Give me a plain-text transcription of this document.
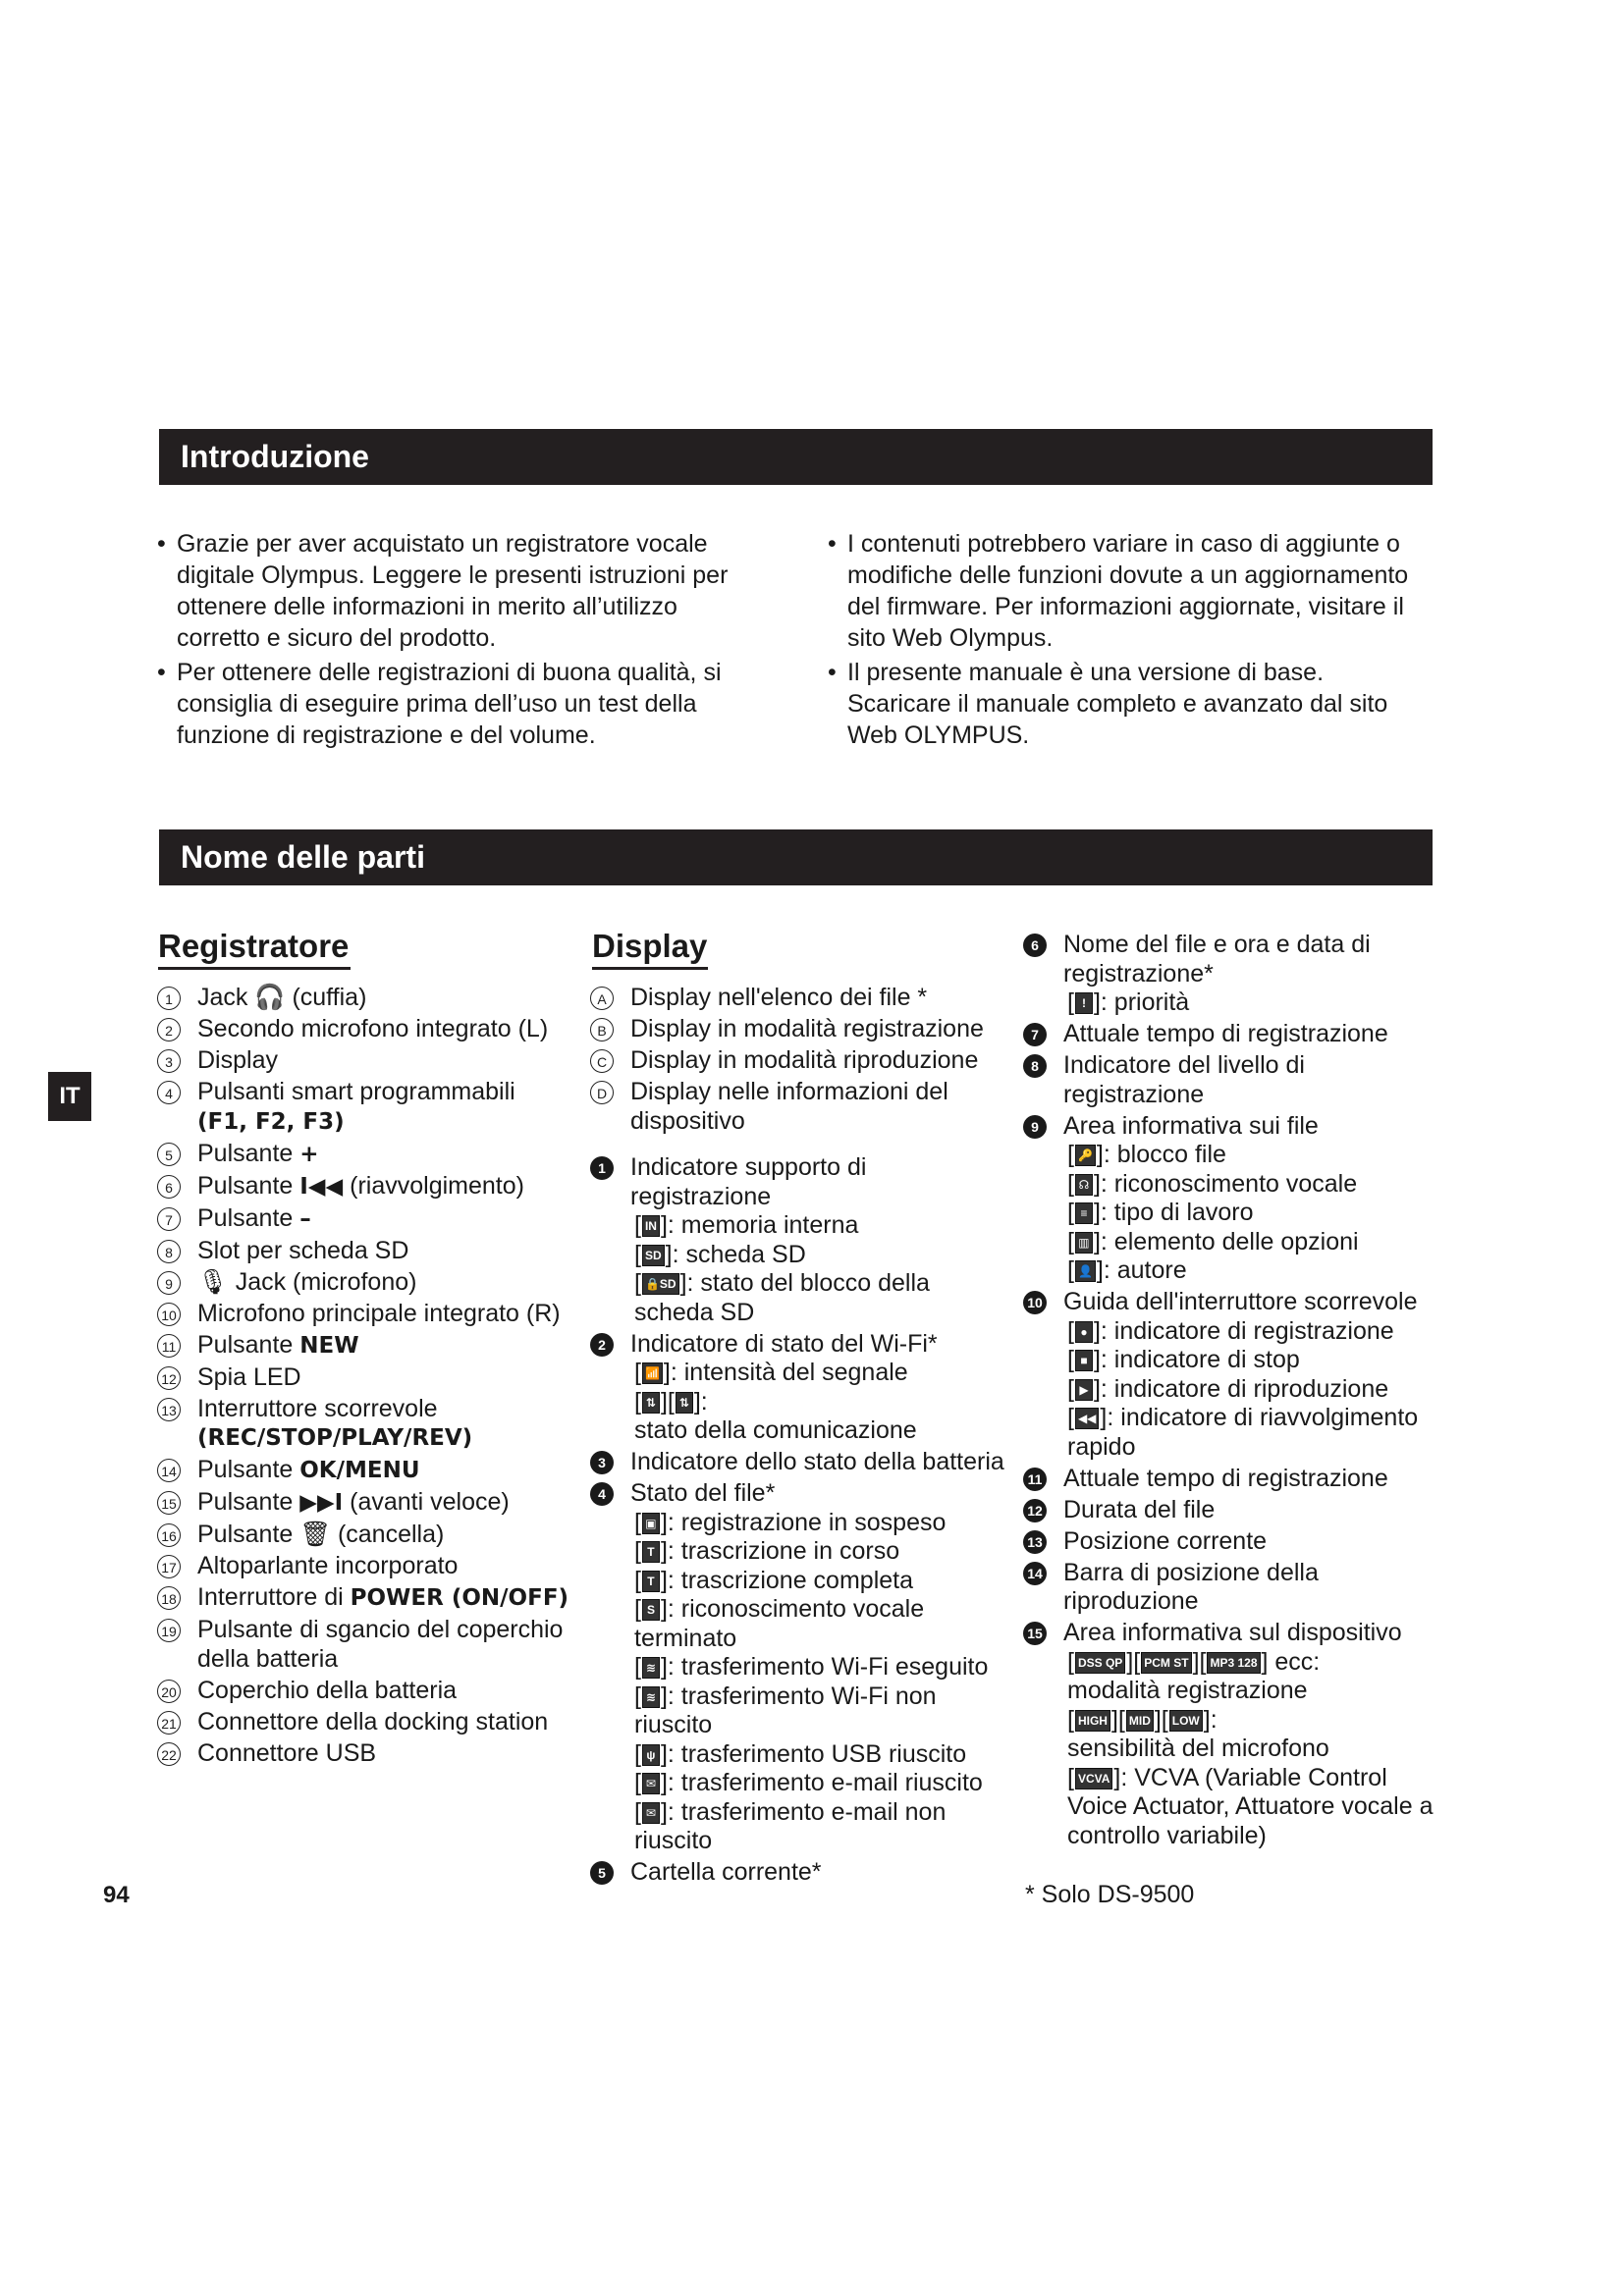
Introduzione
• Grazie per aver acquistato un registratore vocale digitale Olympus. Leggere le presenti istruzioni per ottenere delle informazioni in merito all’utilizzo corretto e sicuro del prodotto.
• Per ottenere delle registrazioni di buona qualità, si consiglia di eseguire prima dell’uso un test della funzione di registrazione e del volume.
• I contenuti potrebbero variare in caso di aggiunte o modifiche delle funzioni dovute a un aggiornamento del firmware. Per informazioni aggiornate, visitare il sito Web Olympus.
• Il presente manuale è una versione di base. Scaricare il manuale completo e avanzato dal sito Web OLYMPUS.
Nome delle parti
IT
Registratore
1	Jack 🎧 (cuffia)
2	Secondo microfono integrato (L)
3	Display
4	Pulsanti smart programmabili
(F1, F2, F3)
5	Pulsante +
6	Pulsante I◀◀ (riavvolgimento)
7	Pulsante –
8	Slot per scheda SD
9	🎙 Jack (microfono)
10 Microfono principale integrato (R)
11 Pulsante NEW
12 Spia LED
13 Interruttore scorrevole
(REC/STOP/PLAY/REV)
14 Pulsante OK/MENU
15 Pulsante ▶▶I (avanti veloce)
16 Pulsante 🗑 (cancella)
17 Altoparlante incorporato
18 Interruttore di POWER (ON/OFF)
19 Pulsante di sgancio del coperchio della batteria
20 Coperchio della batteria
21 Connettore della docking station
22 Connettore USB
Display
A Display nell'elenco dei file *
B Display in modalità registrazione
C Display in modalità riproduzione
D Display nelle informazioni del dispositivo
1	Indicatore supporto di registrazione
[ IN ]: memoria interna
[ SD ]: scheda SD
[ 🔒SD ]: stato del blocco della scheda SD
2	Indicatore di stato del Wi-Fi*
[ 📶 ]: intensità del segnale
[ ⇅ ][ ⇅ ]:
stato della comunicazione
3	Indicatore dello stato della batteria
4	Stato del file*
[ ▣ ]: registrazione in sospeso
[ T ]: trascrizione in corso
[ T ]: trascrizione completa
[ S ]: riconoscimento vocale terminato
[ ≋ ]: trasferimento Wi-Fi eseguito
[ ≋ ]: trasferimento Wi-Fi non riuscito
[ ψ ]: trasferimento USB riuscito
[ ✉ ]: trasferimento e-mail riuscito
[ ✉ ]: trasferimento e-mail non riuscito
5	Cartella corrente*
6	Nome del file e ora e data di registrazione*
[ ! ]: priorità
7	Attuale tempo di registrazione
8	Indicatore del livello di registrazione
9	Area informativa sui file
[ 🔑 ]: blocco file
[ ☊ ]: riconoscimento vocale
[ ≡ ]: tipo di lavoro
[ ▥ ]: elemento delle opzioni
[ 👤 ]: autore
10 Guida dell'interruttore scorrevole
[ ● ]: indicatore di registrazione
[ ■ ]: indicatore di stop
[ ▶ ]: indicatore di riproduzione
[ ◀◀ ]: indicatore di riavvolgimento rapido
11 Attuale tempo di registrazione
12 Durata del file
13 Posizione corrente
14 Barra di posizione della riproduzione
15 Area informativa sul dispositivo
[ DSS QP ][ PCM ST ][ MP3 128 ] ecc:
modalità registrazione
[ HIGH ][ MID ][ LOW ]:
sensibilità del microfono
[ VCVA ]: VCVA (Variable Control Voice Actuator, Attuatore vocale a controllo variabile)
94	* Solo DS-9500
